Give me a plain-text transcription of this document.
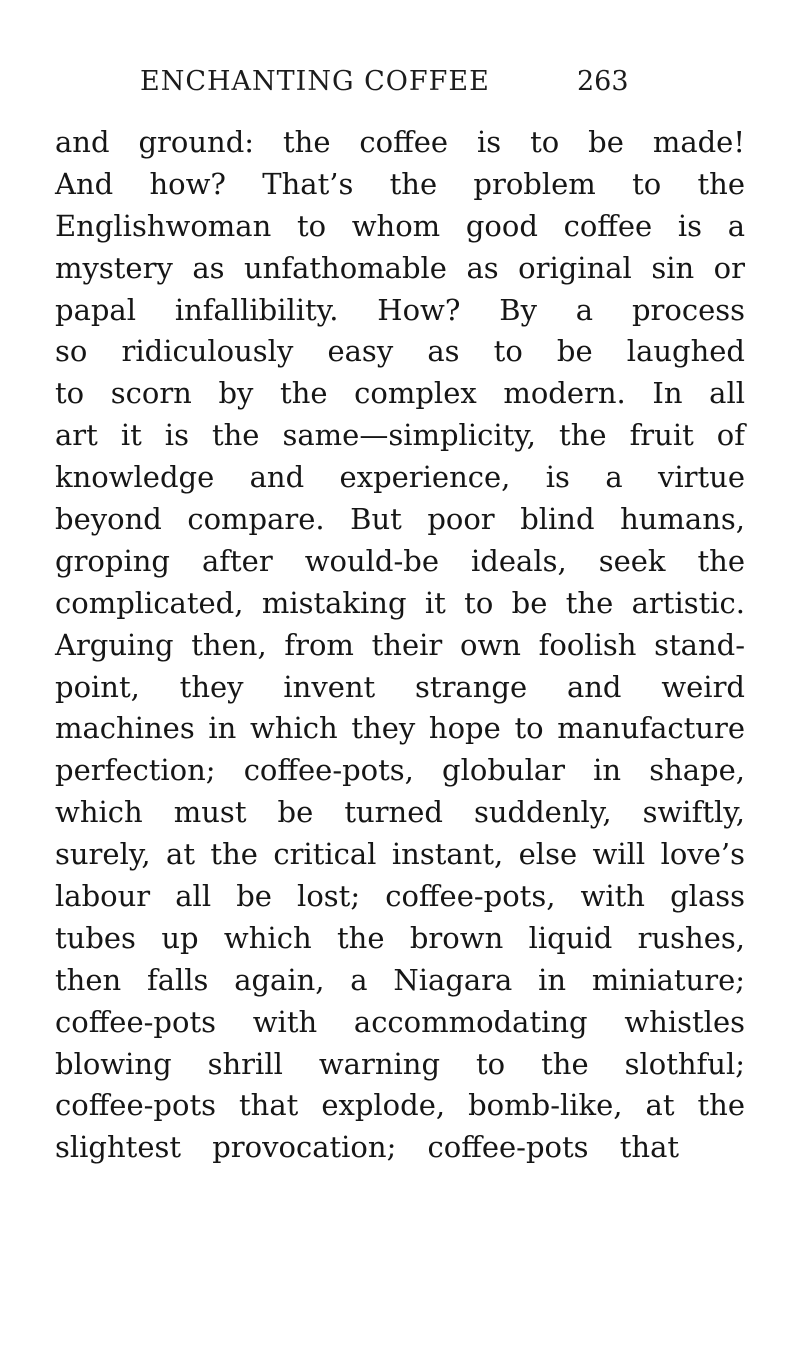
ENCHANTING COFFEE	263
and ground: the coffee is to be made!
And how? That’s the problem to the
Englishwoman to whom good coffee is a
mystery as unfathomable as original sin or
papal infallibility. How? By a process
so ridiculously easy as to be laughed
to scorn by the complex modern. In all
art it is the same—simplicity, the fruit of
knowledge and experience, is a virtue
beyond compare. But poor blind humans,
groping after would-be ideals, seek the
complicated, mistaking it to be the artistic.
Arguing then, from their own foolish stand-
point, they invent strange and weird
machines in which they hope to manufacture
perfection; coffee-pots, globular in shape,
which must be turned suddenly, swiftly,
surely, at the critical instant, else will love’s
labour all be lost; coffee-pots, with glass
tubes up which the brown liquid rushes,
then falls again, a Niagara in miniature;
coffee-pots with accommodating whistles
blowing shrill warning to the slothful;
coffee-pots that explode, bomb-like, at the
slightest provocation; coffee-pots that
